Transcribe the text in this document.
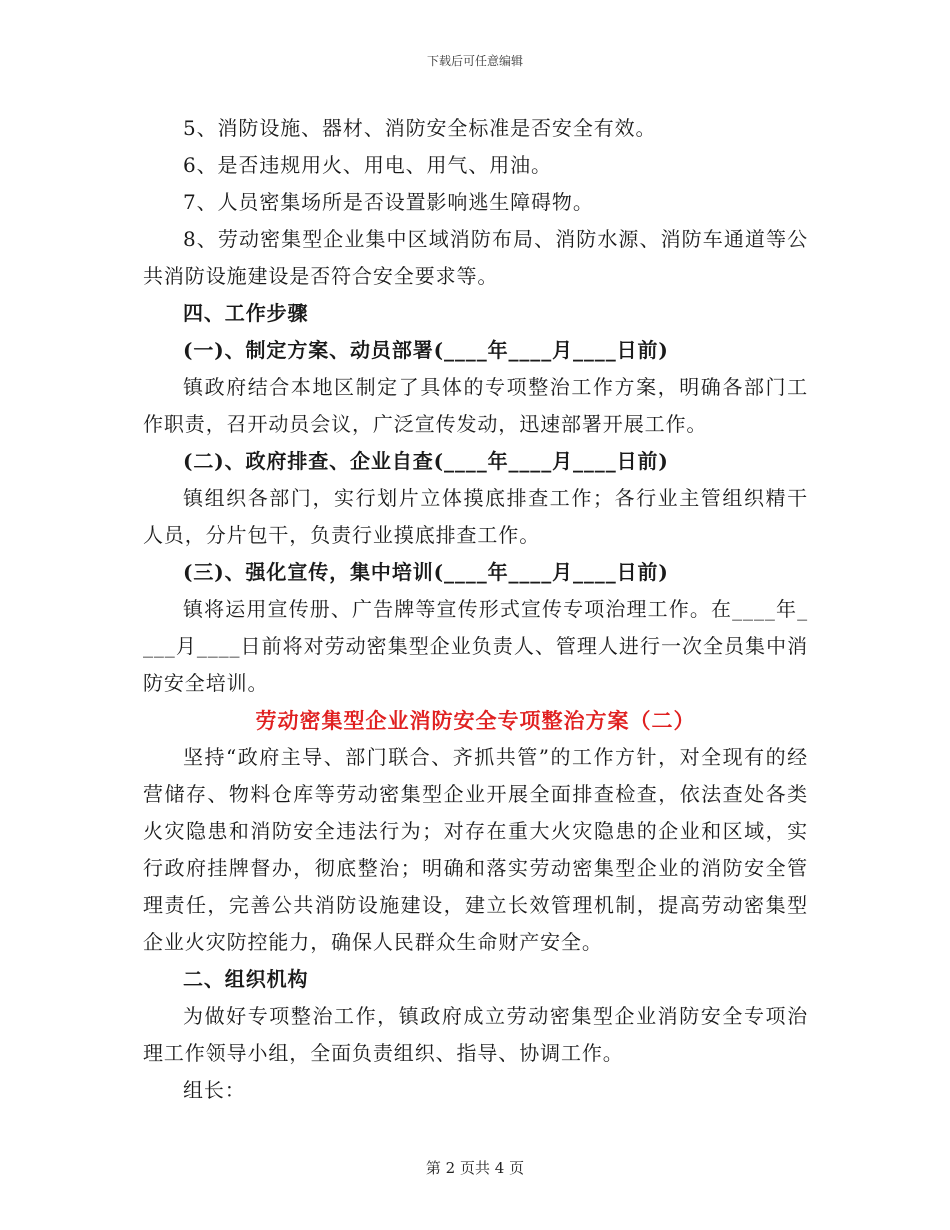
下载后可任意编辑

5、消防设施、器材、消防安全标准是否安全有效。

6、是否违规用火、用电、用气、用油。

7、人员密集场所是否设置影响逃生障碍物。

8、劳动密集型企业集中区域消防布局、消防水源、消防车通道等公共消防设施建设是否符合安全要求等。

四、工作步骤

(一)、制定方案、动员部署(____年____月____日前)

镇政府结合本地区制定了具体的专项整治工作方案，明确各部门工作职责，召开动员会议，广泛宣传发动，迅速部署开展工作。

(二)、政府排查、企业自查(____年____月____日前)

镇组织各部门，实行划片立体摸底排查工作；各行业主管组织精干人员，分片包干，负责行业摸底排查工作。

(三)、强化宣传，集中培训(____年____月____日前)

镇将运用宣传册、广告牌等宣传形式宣传专项治理工作。在____年____月____日前将对劳动密集型企业负责人、管理人进行一次全员集中消防安全培训。

劳动密集型企业消防安全专项整治方案（二）

坚持“政府主导、部门联合、齐抓共管”的工作方针，对全现有的经营储存、物料仓库等劳动密集型企业开展全面排查检查，依法查处各类火灾隐患和消防安全违法行为；对存在重大火灾隐患的企业和区域，实行政府挂牌督办，彻底整治；明确和落实劳动密集型企业的消防安全管理责任，完善公共消防设施建设，建立长效管理机制，提高劳动密集型企业火灾防控能力，确保人民群众生命财产安全。

二、组织机构

为做好专项整治工作，镇政府成立劳动密集型企业消防安全专项治理工作领导小组，全面负责组织、指导、协调工作。

组长：

第 2 页共 4 页
